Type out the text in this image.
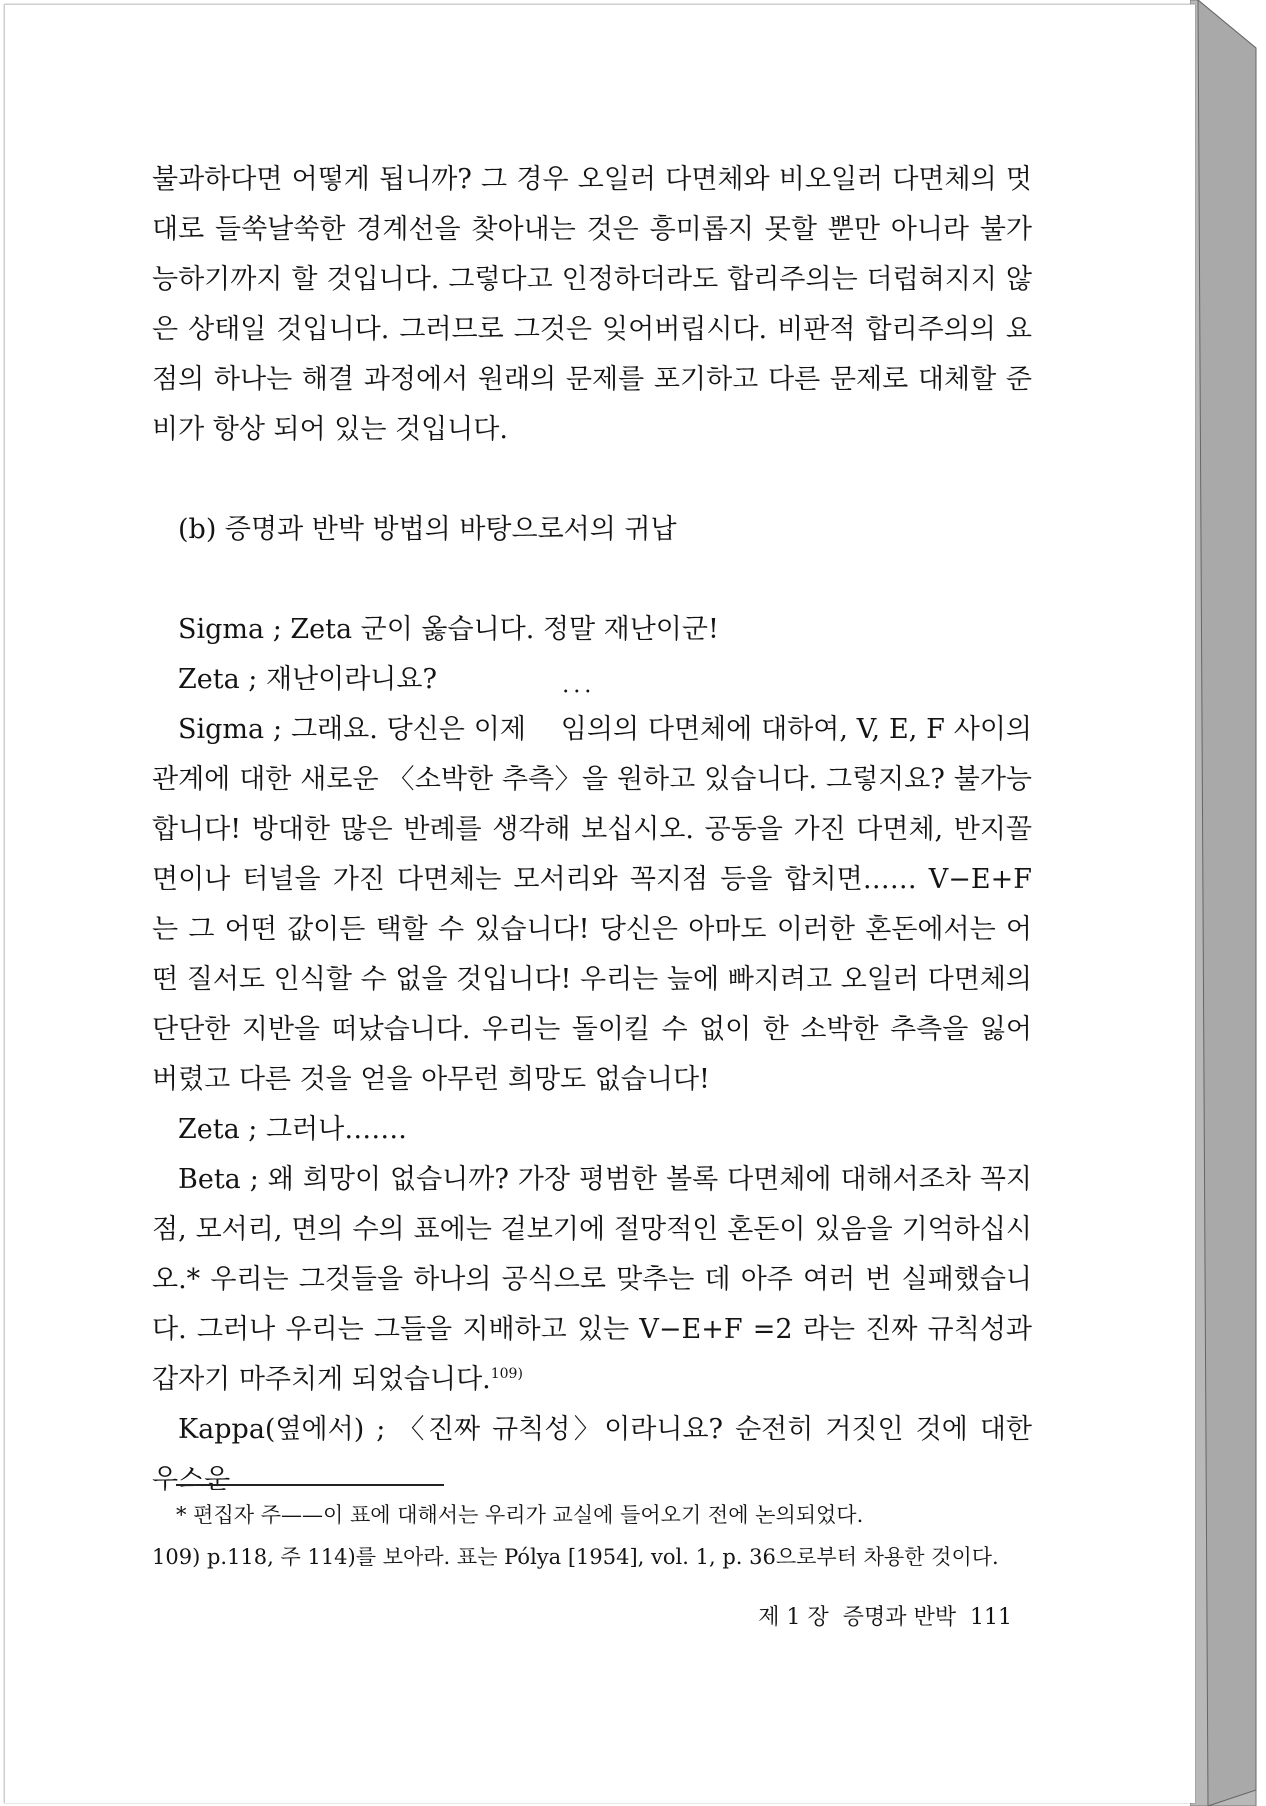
불과하다면 어떻게 됩니까? 그 경우 오일러 다면체와 비오일러 다면체의 멋대로 들쑥날쑥한 경계선을 찾아내는 것은 흥미롭지 못할 뿐만 아니라 불가능하기까지 할 것입니다. 그렇다고 인정하더라도 합리주의는 더럽혀지지 않은 상태일 것입니다. 그러므로 그것은 잊어버립시다. 비판적 합리주의의 요점의 하나는 해결 과정에서 원래의 문제를 포기하고 다른 문제로 대체할 준비가 항상 되어 있는 것입니다.

(b) 증명과 반박 방법의 바탕으로서의 귀납

Sigma ; Zeta 군이 옳습니다. 정말 재난이군!

Zeta ; 재난이라니요?

Sigma ; 그래요. 당신은 이제 • • • 임의의 다면체에 대하여, V, E, F 사이의 관계에 대한 새로운 〈소박한 추측〉을 원하고 있습니다. 그렇지요? 불가능합니다! 방대한 많은 반례를 생각해 보십시오. 공동을 가진 다면체, 반지꼴 면이나 터널을 가진 다면체는 모서리와 꼭지점 등을 합치면…… V−E+F 는 그 어떤 값이든 택할 수 있습니다! 당신은 아마도 이러한 혼돈에서는 어떤 질서도 인식할 수 없을 것입니다! 우리는 늪에 빠지려고 오일러 다면체의 단단한 지반을 떠났습니다. 우리는 돌이킬 수 없이 한 소박한 추측을 잃어 버렸고 다른 것을 얻을 아무런 희망도 없습니다!

Zeta ; 그러나…….

Beta ; 왜 희망이 없습니까? 가장 평범한 볼록 다면체에 대해서조차 꼭지점, 모서리, 면의 수의 표에는 겉보기에 절망적인 혼돈이 있음을 기억하십시오.* 우리는 그것들을 하나의 공식으로 맞추는 데 아주 여러 번 실패했습니다. 그러나 우리는 그들을 지배하고 있는 V−E+F =2 라는 진짜 규칙성과 갑자기 마주치게 되었습니다.$^{109)}$

Kappa(옆에서) ; 〈진짜 규칙성〉이라니요? 순전히 거짓인 것에 대한 우스운

* 편집자 주——이 표에 대해서는 우리가 교실에 들어오기 전에 논의되었다.

109) p.118, 주 114)를 보아라. 표는 Pólya [1954], vol. 1, p. 36으로부터 차용한 것이다.

제 1 장 증명과 반박 111
